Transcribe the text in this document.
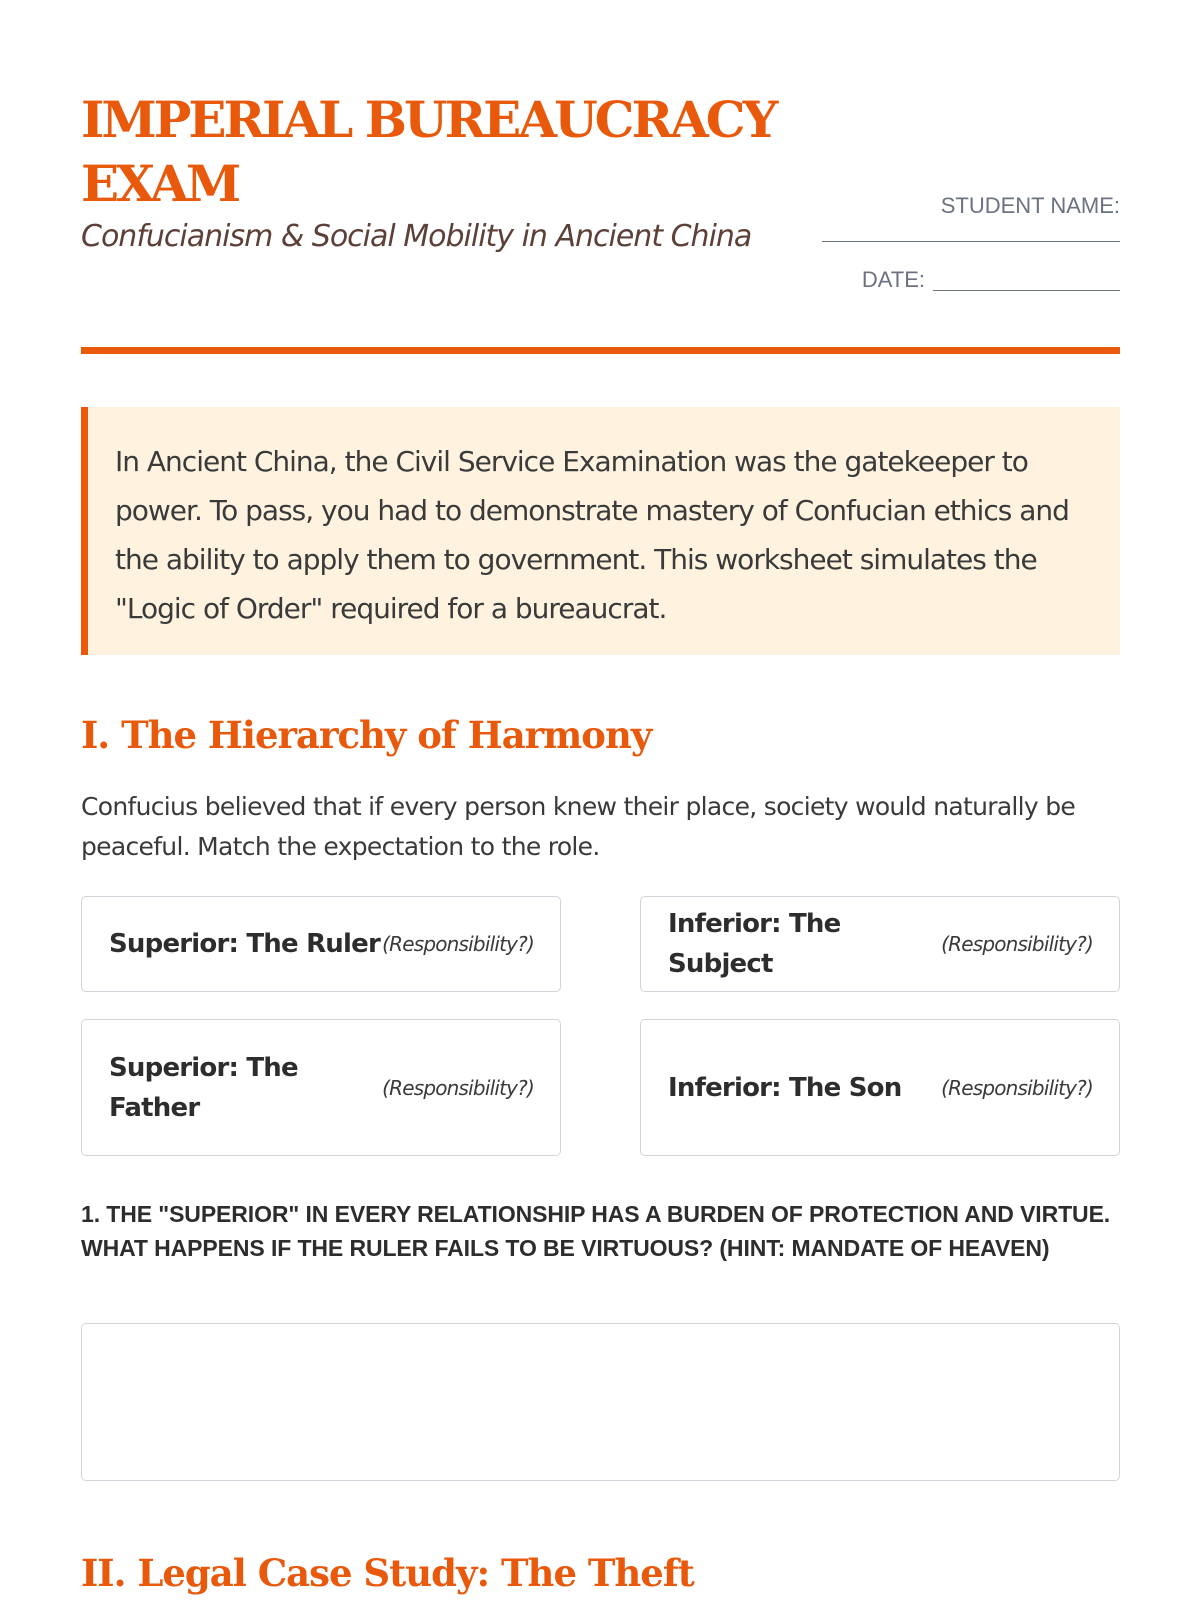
IMPERIAL BUREAUCRACY EXAM

Confucianism & Social Mobility in Ancient China

STUDENT NAME:
DATE:
In Ancient China, the Civil Service Examination was the gatekeeper to power. To pass, you had to demonstrate mastery of Confucian ethics and the ability to apply them to government. This worksheet simulates the "Logic of Order" required for a bureaucrat.
I. The Hierarchy of Harmony
Confucius believed that if every person knew their place, society would naturally be peaceful. Match the expectation to the role.
Superior: The Ruler (Responsibility?)
Inferior: The Subject
(Responsibility?)
Superior: The Father
(Responsibility?)	Inferior: The Son (Responsibility?)

1. THE "SUPERIOR" IN EVERY RELATIONSHIP HAS A BURDEN OF PROTECTION AND VIRTUE. WHAT HAPPENS IF THE RULER FAILS TO BE VIRTUOUS? (HINT: MANDATE OF HEAVEN)

II. Legal Case Study: The Theft
